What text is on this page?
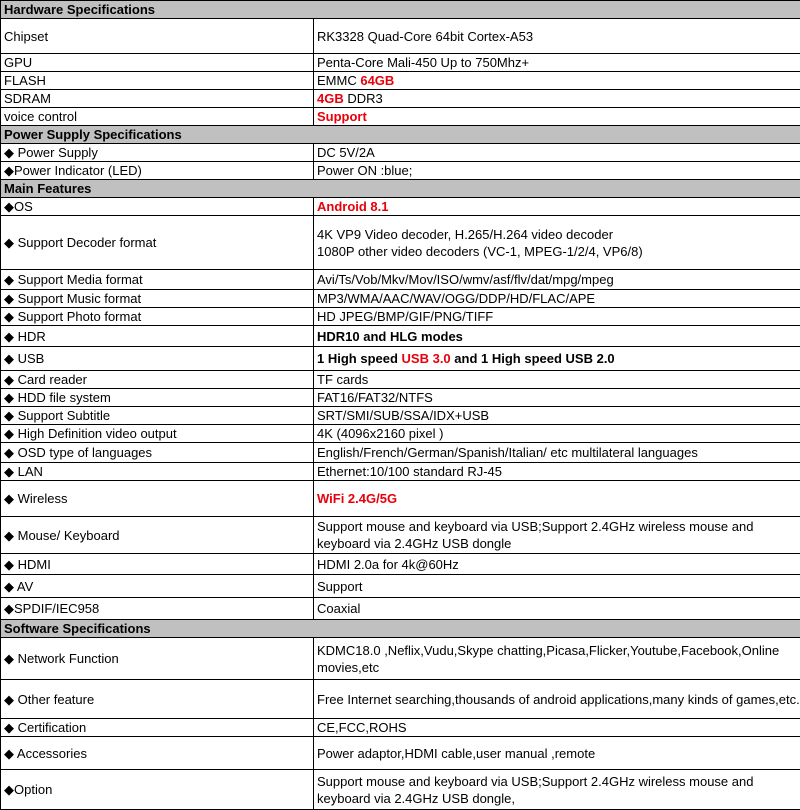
Hardware Specifications	
Chipset	RK3328 Quad-Core 64bit Cortex-A53
GPU	Penta-Core Mali-450 Up to 750Mhz+
FLASH	EMMC 64GB
SDRAM	4GB DDR3
voice control	Support
Power Supply Specifications	
◆ Power Supply	DC 5V/2A
◆Power Indicator (LED)	Power ON :blue;
Main Features	
◆OS	Android 8.1
◆ Support Decoder format	4K VP9 Video decoder, H.265/H.264 video decoder
1080P other video decoders (VC-1, MPEG-1/2/4, VP6/8)

◆ Support Media format	Avi/Ts/Vob/Mkv/Mov/ISO/wmv/asf/flv/dat/mpg/mpeg
◆ Support Music format	MP3/WMA/AAC/WAV/OGG/DDP/HD/FLAC/APE
◆ Support Photo format	HD JPEG/BMP/GIF/PNG/TIFF
◆ HDR	HDR10 and HLG modes
◆ USB	1 High speed USB 3.0 and 1 High speed USB 2.0
◆ Card reader	TF cards
◆ HDD file system	FAT16/FAT32/NTFS
◆ Support Subtitle	SRT/SMI/SUB/SSA/IDX+USB
◆ High Definition video output	4K (4096x2160 pixel )
◆ OSD type of languages	English/French/German/Spanish/Italian/ etc multilateral languages
◆ LAN	Ethernet:10/100 standard RJ-45
◆ Wireless	WiFi 2.4G/5G
◆ Mouse/ Keyboard	Support mouse and keyboard via USB;Support 2.4GHz wireless mouse and keyboard via 2.4GHz USB dongle
◆ HDMI	HDMI 2.0a for 4k@60Hz
◆ AV	Support
◆SPDIF/IEC958	Coaxial
Software Specifications	
◆ Network Function	KDMC18.0 ,Neflix,Vudu,Skype chatting,Picasa,Flicker,Youtube,Facebook,Online movies,etc
◆ Other feature	Free Internet searching,thousands of android applications,many kinds of games,etc.
◆ Certification	CE,FCC,ROHS
◆ Accessories	Power adaptor,HDMI cable,user manual ,remote
◆Option	Support mouse and keyboard via USB;Support 2.4GHz wireless mouse and keyboard via 2.4GHz USB dongle,
